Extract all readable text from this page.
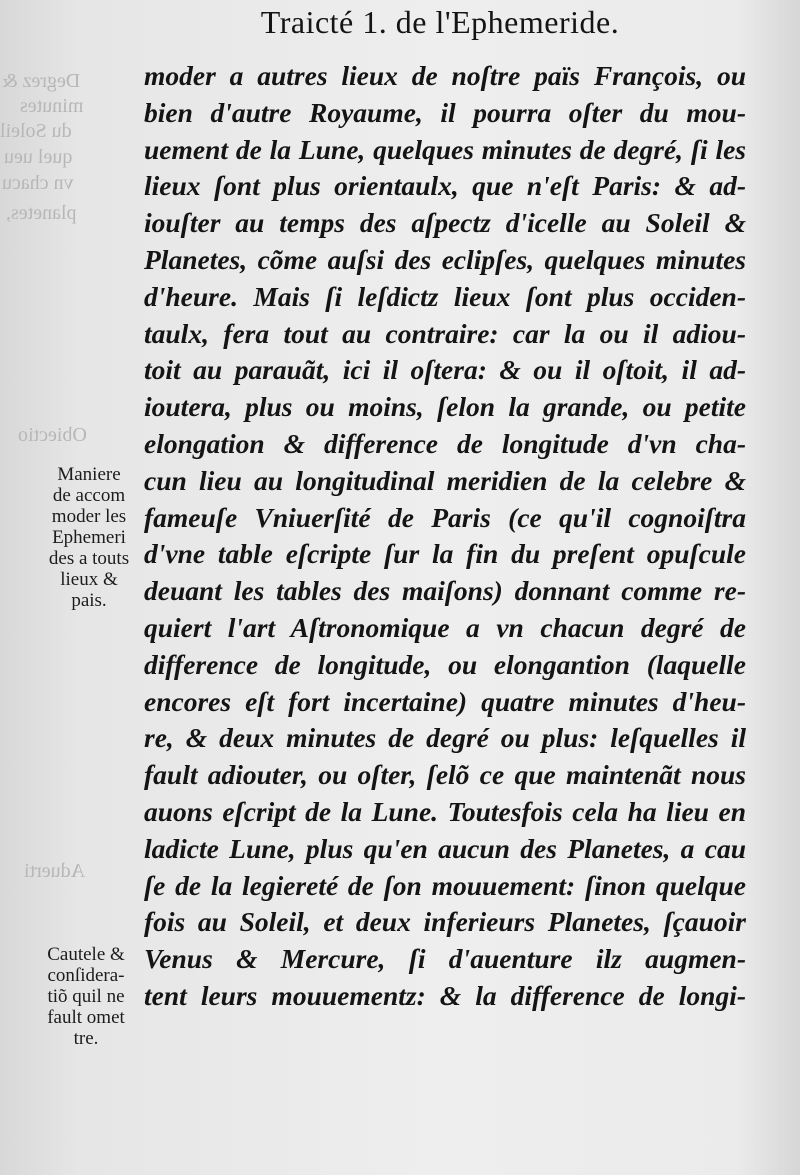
Degrez &
minutes
du Soleil
quel ueu
vn chacu
planetes,
Obiectio
Aduerti
Traicté 1. de l'Ephemeride.
moder a autres lieux de noſtre païs François, ou
bien d'autre Royaume, il pourra oſter du mou-
uement de la Lune, quelques minutes de degré, ſi les
lieux ſont plus orientaulx, que n'eſt Paris: & ad-
iouſter au temps des aſpectz d'icelle au Soleil &
Planetes, cõme auſsi des eclipſes, quelques minutes
d'heure. Mais ſi leſdictz lieux ſont plus occiden-
taulx, fera tout au contraire: car la ou il adiou-
toit au parauãt, ici il oſtera: & ou il oſtoit, il ad-
ioutera, plus ou moins, ſelon la grande, ou petite
elongation & difference de longitude d'vn cha-
cun lieu au longitudinal meridien de la celebre &
fameuſe Vniuerſité de Paris (ce qu'il cognoiſtra
d'vne table eſcripte ſur la fin du preſent opuſcule
deuant les tables des maiſons) donnant comme re-
quiert l'art Aſtronomique a vn chacun degré de
difference de longitude, ou elongantion (laquelle
encores eſt fort incertaine) quatre minutes d'heu-
re, & deux minutes de degré ou plus: leſquelles il
fault adiouter, ou oſter, ſelõ ce que maintenãt nous
auons eſcript de la Lune. Toutesfois cela ha lieu en
ladicte Lune, plus qu'en aucun des Planetes, a cau
ſe de la legiereté de ſon mouuement: ſinon quelque
fois au Soleil, et deux inferieurs Planetes, ſçauoir
Venus & Mercure, ſi d'auenture ilz augmen-
tent leurs mouuementz: & la difference de longi-
Maniere
de accom
moder les
Ephemeri
des a touts
lieux &
pais.
Cautele &
conſidera-
tiõ quil ne
fault omet
tre.
